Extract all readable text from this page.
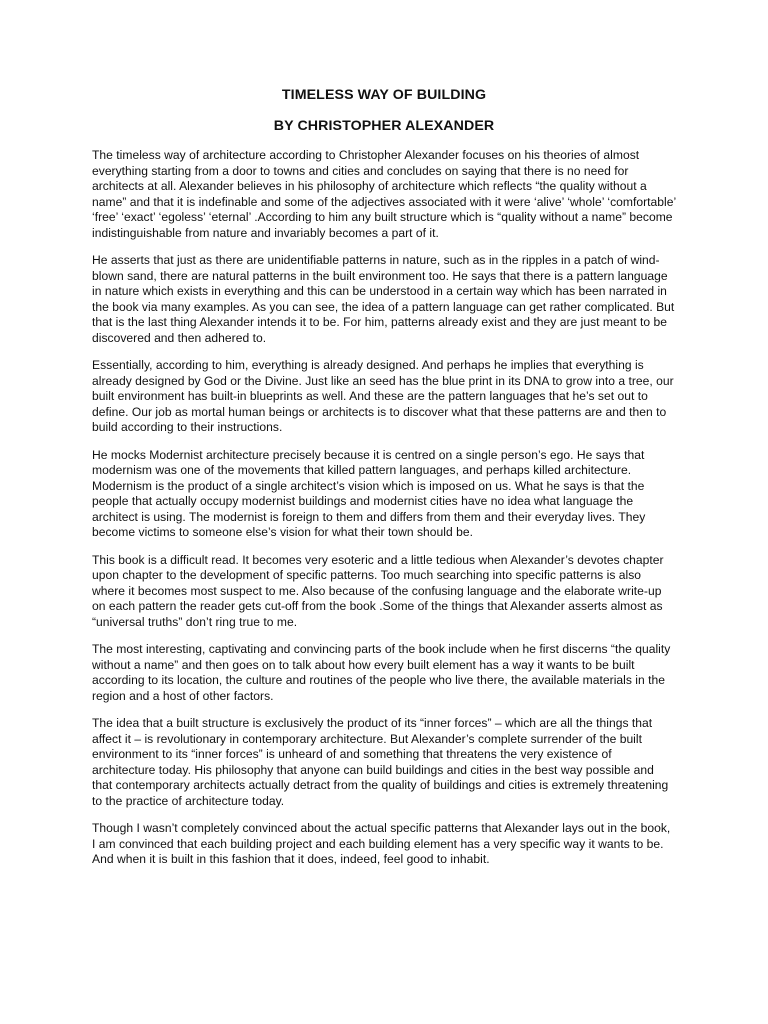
TIMELESS WAY OF BUILDING
BY CHRISTOPHER ALEXANDER

The timeless way of architecture according to Christopher Alexander focuses on his theories of almost everything starting from a door to towns and cities and concludes on saying that there is no need for architects at all. Alexander believes in his philosophy of architecture which reflects “the quality without a name” and that it is indefinable and some of the adjectives associated with it were ‘alive’ ‘whole’ ‘comfortable’ ‘free’ ‘exact’ ‘egoless’ ‘eternal’ .According to him any built structure which is “quality without a name” become indistinguishable from nature and invariably becomes a part of it.

He asserts that just as there are unidentifiable patterns in nature, such as in the ripples in a patch of wind-blown sand, there are natural patterns in the built environment too. He says that there is a pattern language in nature which exists in everything and this can be understood in a certain way which has been narrated in the book via many examples. As you can see, the idea of a pattern language can get rather complicated. But that is the last thing Alexander intends it to be. For him, patterns already exist and they are just meant to be discovered and then adhered to.

Essentially, according to him, everything is already designed. And perhaps he implies that everything is already designed by God or the Divine. Just like an seed has the blue print in its DNA to grow into a tree, our built environment has built-in blueprints as well. And these are the pattern languages that he’s set out to define. Our job as mortal human beings or architects is to discover what that these patterns are and then to build according to their instructions.

He mocks Modernist architecture precisely because it is centred on a single person’s ego. He says that modernism was one of the movements that killed pattern languages, and perhaps killed architecture. Modernism is the product of a single architect’s vision which is imposed on us. What he says is that the people that actually occupy modernist buildings and modernist cities have no idea what language the architect is using. The modernist is foreign to them and differs from them and their everyday lives. They become victims to someone else’s vision for what their town should be.

This book is a difficult read. It becomes very esoteric and a little tedious when Alexander’s devotes chapter upon chapter to the development of specific patterns. Too much searching into specific patterns is also where it becomes most suspect to me. Also because of the confusing language and the elaborate write-up on each pattern the reader gets cut-off from the book .Some of the things that Alexander asserts almost as “universal truths” don’t ring true to me.

The most interesting, captivating and convincing parts of the book include when he first discerns “the quality without a name” and then goes on to talk about how every built element has a way it wants to be built according to its location, the culture and routines of the people who live there, the available materials in the region and a host of other factors.

The idea that a built structure is exclusively the product of its “inner forces” – which are all the things that affect it – is revolutionary in contemporary architecture. But Alexander’s complete surrender of the built environment to its “inner forces” is unheard of and something that threatens the very existence of architecture today. His philosophy that anyone can build buildings and cities in the best way possible and that contemporary architects actually detract from the quality of buildings and cities is extremely threatening to the practice of architecture today.

Though I wasn’t completely convinced about the actual specific patterns that Alexander lays out in the book, I am convinced that each building project and each building element has a very specific way it wants to be. And when it is built in this fashion that it does, indeed, feel good to inhabit.
